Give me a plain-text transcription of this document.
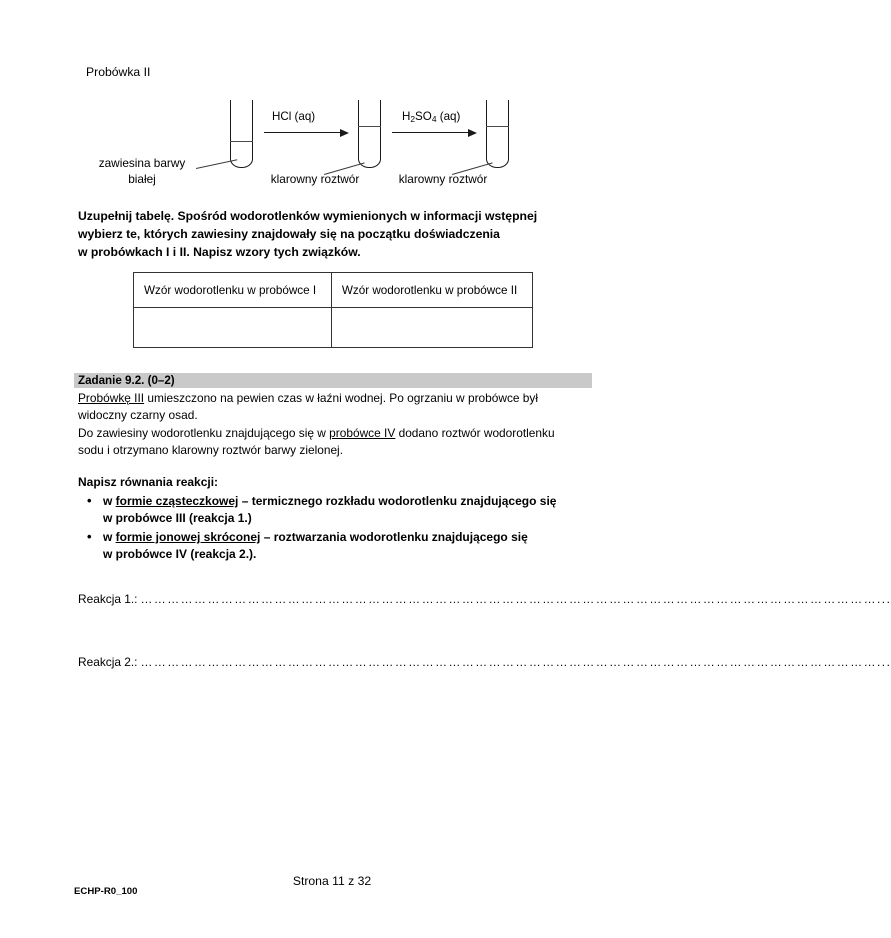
Probówka II
HCl (aq)	$H_2SO_4$ (aq)
zawiesina barwy
białej	klarowny roztwór	klarowny roztwór
Uzupełnij tabelę. Spośród wodorotlenków wymienionych w informacji wstępnej
wybierz te, których zawiesiny znajdowały się na początku doświadczenia
w probówkach I i II. Napisz wzory tych związków.
Wzór wodorotlenku w probówce I	Wzór wodorotlenku w probówce II

Zadanie 9.2. (0–2)
Probówkę III umieszczono na pewien czas w łaźni wodnej. Po ogrzaniu w probówce był
widoczny czarny osad.
Do zawiesiny wodorotlenku znajdującego się w probówce IV dodano roztwór wodorotlenku
sodu i otrzymano klarowny roztwór barwy zielonej.
Napisz równania reakcji:
• w formie cząsteczkowej – termicznego rozkładu wodorotlenku znajdującego się
w probówce III (reakcja 1.)
• w formie jonowej skróconej – roztwarzania wodorotlenku znajdującego się
w probówce IV (reakcja 2.).
Reakcja 1.: …………………………………………………………………………………………………………………………………………………...
Reakcja 2.: …………………………………………………………………………………………………………………………………………………...
Strona 11 z 32
ECHP-R0_100
